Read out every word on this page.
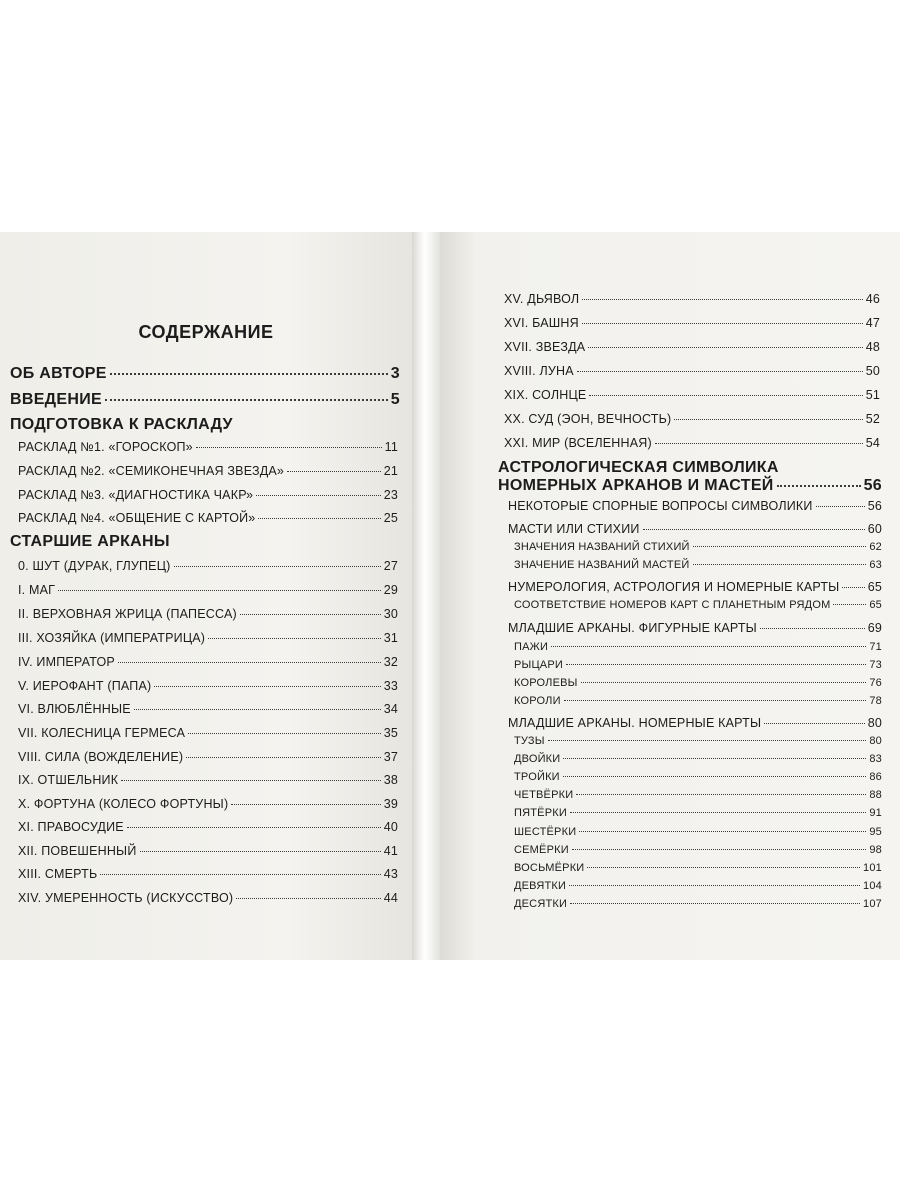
СОДЕРЖАНИЕ
ОБ АВТОРЕ	3
ВВЕДЕНИЕ	5
ПОДГОТОВКА К РАСКЛАДУ
РАСКЛАД №1. «ГОРОСКОП»	11
РАСКЛАД №2. «СЕМИКОНЕЧНАЯ ЗВЕЗДА»	21
РАСКЛАД №3. «ДИАГНОСТИКА ЧАКР»	23
РАСКЛАД №4. «ОБЩЕНИЕ С КАРТОЙ»	25
СТАРШИЕ АРКАНЫ
0. ШУТ (ДУРАК, ГЛУПЕЦ)	27
I. МАГ	29
II. ВЕРХОВНАЯ ЖРИЦА (ПАПЕССА)	30
III. ХОЗЯЙКА (ИМПЕРАТРИЦА)	31
IV. ИМПЕРАТОР	32
V. ИЕРОФАНТ (ПАПА)	33
VI. ВЛЮБЛЁННЫЕ	34
VII. КОЛЕСНИЦА ГЕРМЕСА	35
VIII. СИЛА (ВОЖДЕЛЕНИЕ)	37
IX. ОТШЕЛЬНИК	38
X. ФОРТУНА (КОЛЕСО ФОРТУНЫ)	39
XI. ПРАВОСУДИЕ	40
XII. ПОВЕШЕННЫЙ	41
XIII. СМЕРТЬ	43
XIV. УМЕРЕННОСТЬ (ИСКУССТВО)	44
XV. ДЬЯВОЛ	46
XVI. БАШНЯ	47
XVII. ЗВЕЗДА	48
XVIII. ЛУНА	50
XIX. СОЛНЦЕ	51
XX. СУД (ЭОН, ВЕЧНОСТЬ)	52
XXI. МИР (ВСЕЛЕННАЯ)	54
АСТРОЛОГИЧЕСКАЯ СИМВОЛИКА
НОМЕРНЫХ АРКАНОВ И МАСТЕЙ	56
НЕКОТОРЫЕ СПОРНЫЕ ВОПРОСЫ СИМВОЛИКИ	56
МАСТИ ИЛИ СТИХИИ	60
ЗНАЧЕНИЯ НАЗВАНИЙ СТИХИЙ	62
ЗНАЧЕНИЕ НАЗВАНИЙ МАСТЕЙ	63
НУМЕРОЛОГИЯ, АСТРОЛОГИЯ И НОМЕРНЫЕ КАРТЫ 65
СООТВЕТСТВИЕ НОМЕРОВ КАРТ С ПЛАНЕТНЫМ РЯДОМ	65
МЛАДШИЕ АРКАНЫ. ФИГУРНЫЕ КАРТЫ	69
ПАЖИ	71
РЫЦАРИ	73
КОРОЛЕВЫ	76
КОРОЛИ	78
МЛАДШИЕ АРКАНЫ. НОМЕРНЫЕ КАРТЫ	80
ТУЗЫ	80
ДВОЙКИ	83
ТРОЙКИ	86
ЧЕТВЁРКИ	88
ПЯТЁРКИ	91
ШЕСТЁРКИ	95
СЕМЁРКИ	98
ВОСЬМЁРКИ	101
ДЕВЯТКИ	104
ДЕСЯТКИ	107
